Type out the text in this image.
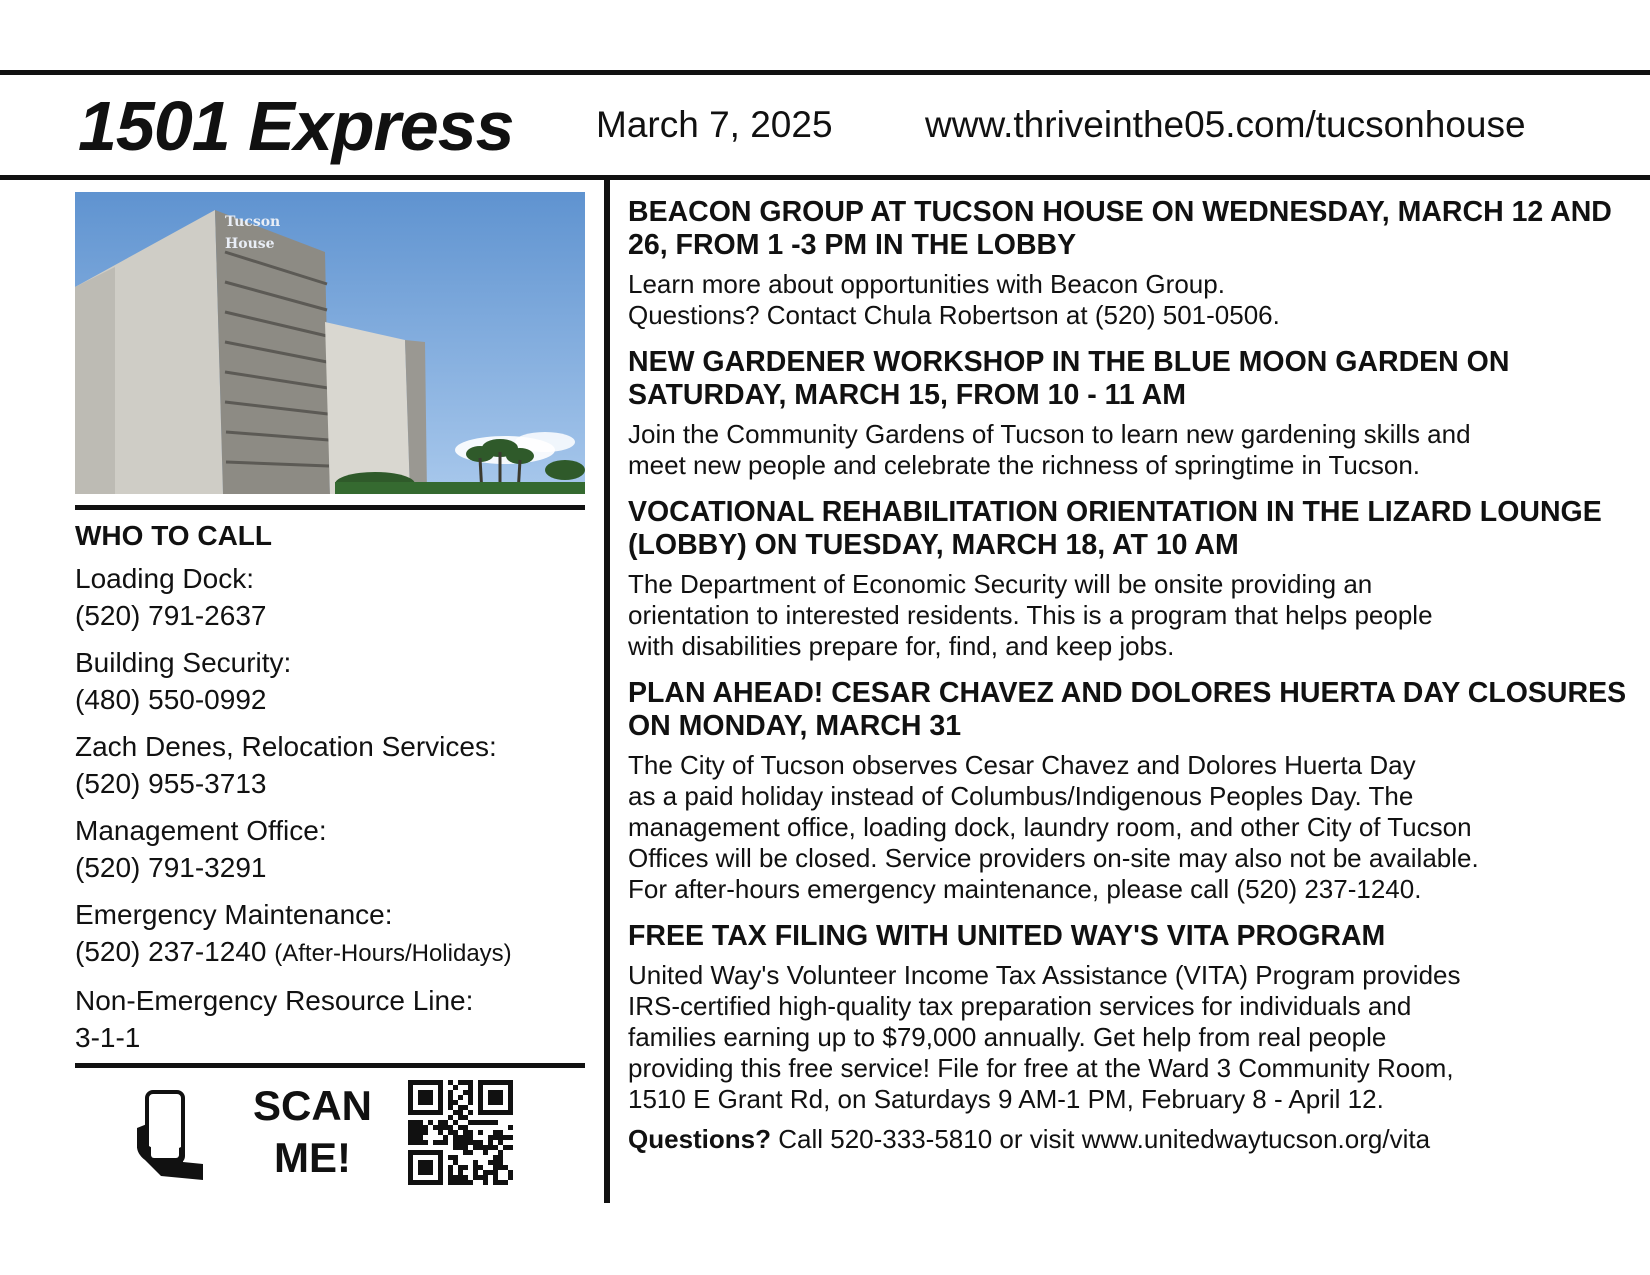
1501 Express March 7, 2025 www.thriveinthe05.com/tucsonhouse
Tucson
House
WHO TO CALL
Loading Dock:
(520) 791-2637
Building Security:
(480) 550-0992
Zach Denes, Relocation Services:
(520) 955-3713
Management Office:
(520) 791-3291
Emergency Maintenance:
(520) 237-1240 (After-Hours/Holidays)
Non-Emergency Resource Line:
3-1-1
SCAN
ME!
BEACON GROUP AT TUCSON HOUSE ON WEDNESDAY, MARCH 12 AND 26, FROM 1 -3 PM IN THE LOBBY

Learn more about opportunities with Beacon Group.
Questions? Contact Chula Robertson at (520) 501-0506.

NEW GARDENER WORKSHOP IN THE BLUE MOON GARDEN ON SATURDAY, MARCH 15, FROM 10 - 11 AM

Join the Community Gardens of Tucson to learn new gardening skills and
meet new people and celebrate the richness of springtime in Tucson.

VOCATIONAL REHABILITATION ORIENTATION IN THE LIZARD LOUNGE (LOBBY) ON TUESDAY, MARCH 18, AT 10 AM

The Department of Economic Security will be onsite providing an
orientation to interested residents. This is a program that helps people
with disabilities prepare for, find, and keep jobs.

PLAN AHEAD! CESAR CHAVEZ AND DOLORES HUERTA DAY CLOSURES ON MONDAY, MARCH 31

The City of Tucson observes Cesar Chavez and Dolores Huerta Day
as a paid holiday instead of Columbus/Indigenous Peoples Day. The
management office, loading dock, laundry room, and other City of Tucson
Offices will be closed. Service providers on-site may also not be available.
For after-hours emergency maintenance, please call (520) 237-1240.

FREE TAX FILING WITH UNITED WAY'S VITA PROGRAM

United Way's Volunteer Income Tax Assistance (VITA) Program provides
IRS-certified high-quality tax preparation services for individuals and
families earning up to $79,000 annually. Get help from real people
providing this free service! File for free at the Ward 3 Community Room,
1510 E Grant Rd, on Saturdays 9 AM-1 PM, February 8 - April 12.

Questions? Call 520-333-5810 or visit www.unitedwaytucson.org/vita
